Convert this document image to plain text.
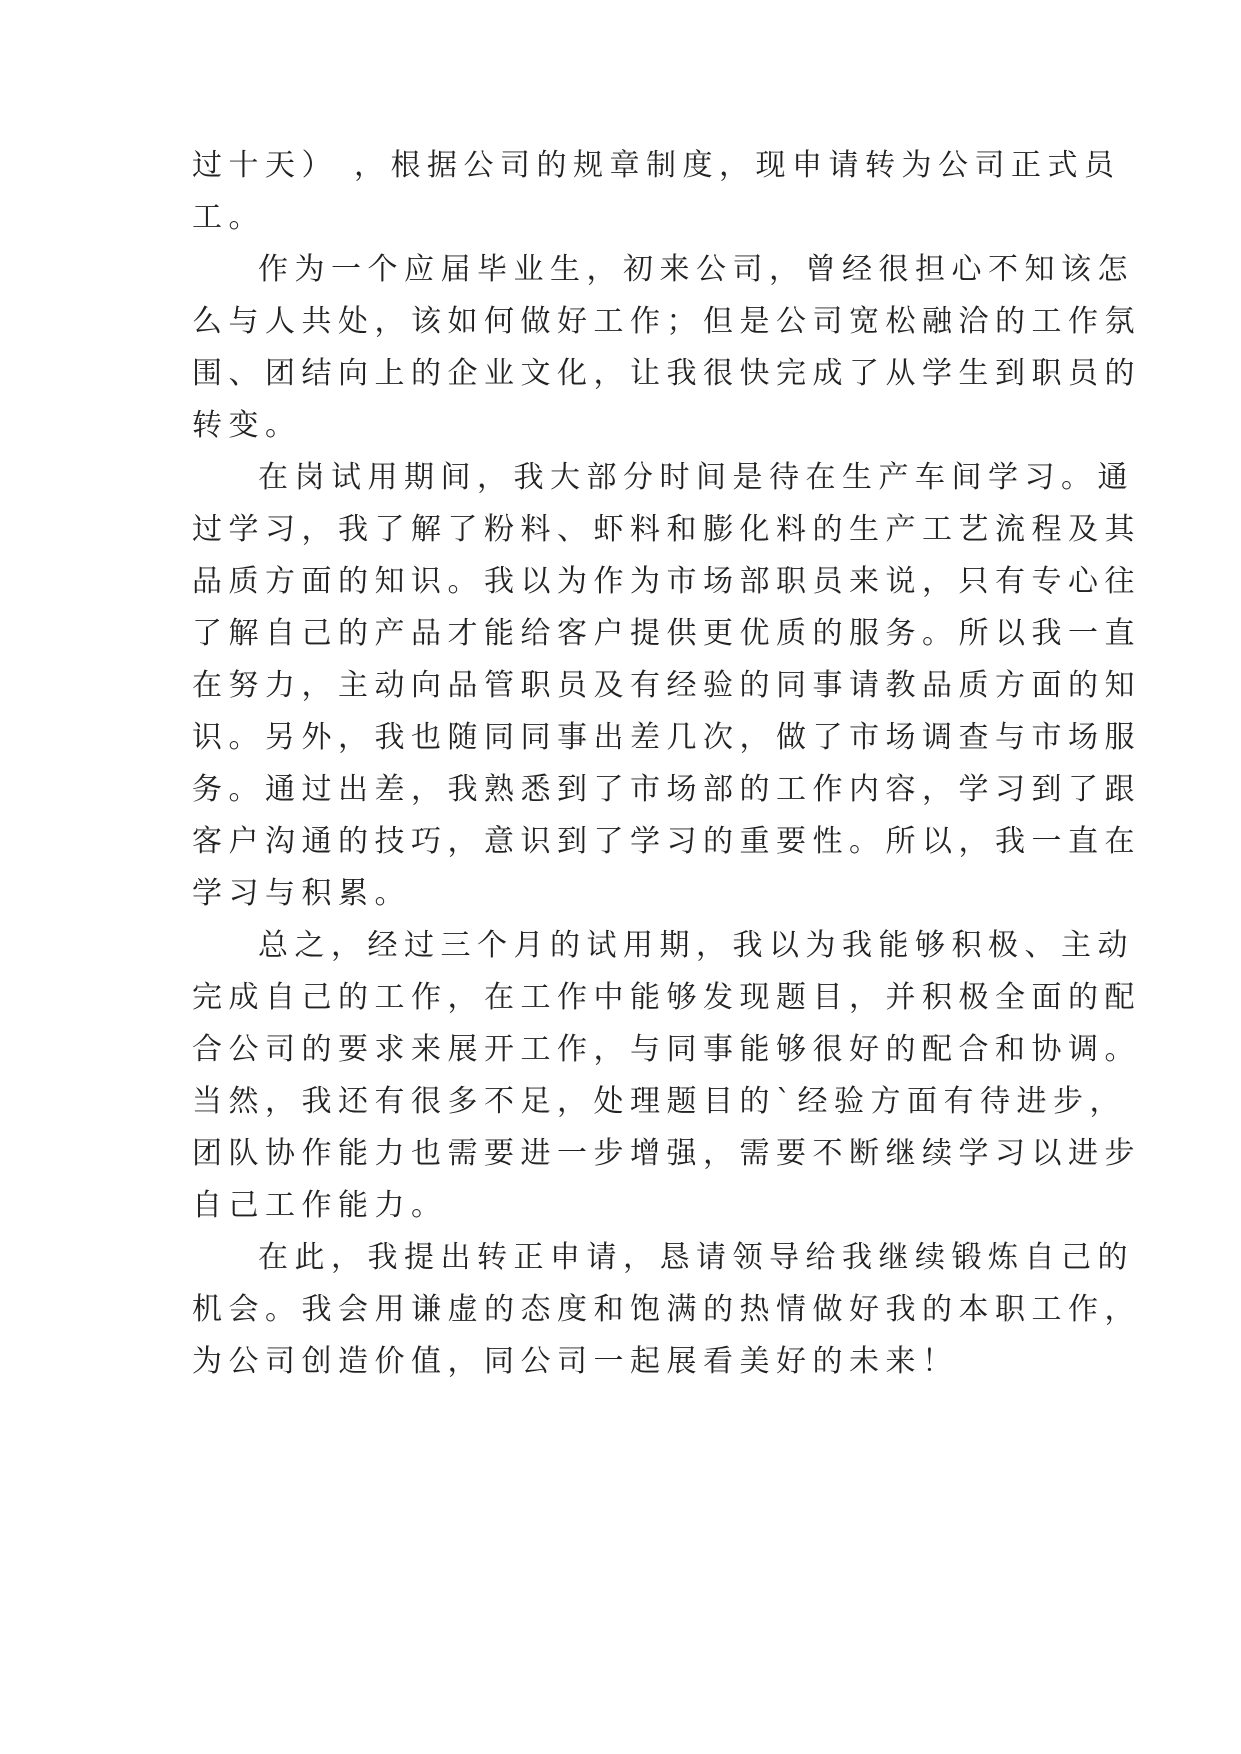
过十天） ，根据公司的规章制度，现申请转为公司正式员
工。
作为一个应届毕业生，初来公司，曾经很担心不知该怎
么与人共处，该如何做好工作；但是公司宽松融洽的工作氛
围、团结向上的企业文化，让我很快完成了从学生到职员的
转变。
在岗试用期间，我大部分时间是待在生产车间学习。通
过学习，我了解了粉料、虾料和膨化料的生产工艺流程及其
品质方面的知识。我以为作为市场部职员来说，只有专心往
了解自己的产品才能给客户提供更优质的服务。所以我一直
在努力，主动向品管职员及有经验的同事请教品质方面的知
识。另外，我也随同同事出差几次，做了市场调查与市场服
务。通过出差，我熟悉到了市场部的工作内容，学习到了跟
客户沟通的技巧，意识到了学习的重要性。所以，我一直在
学习与积累。
总之，经过三个月的试用期，我以为我能够积极、主动
完成自己的工作，在工作中能够发现题目，并积极全面的配
合公司的要求来展开工作，与同事能够很好的配合和协调。
当然，我还有很多不足，处理题目的`经验方面有待进步，
团队协作能力也需要进一步增强，需要不断继续学习以进步
自己工作能力。
在此，我提出转正申请，恳请领导给我继续锻炼自己的
机会。我会用谦虚的态度和饱满的热情做好我的本职工作，
为公司创造价值，同公司一起展看美好的未来！
